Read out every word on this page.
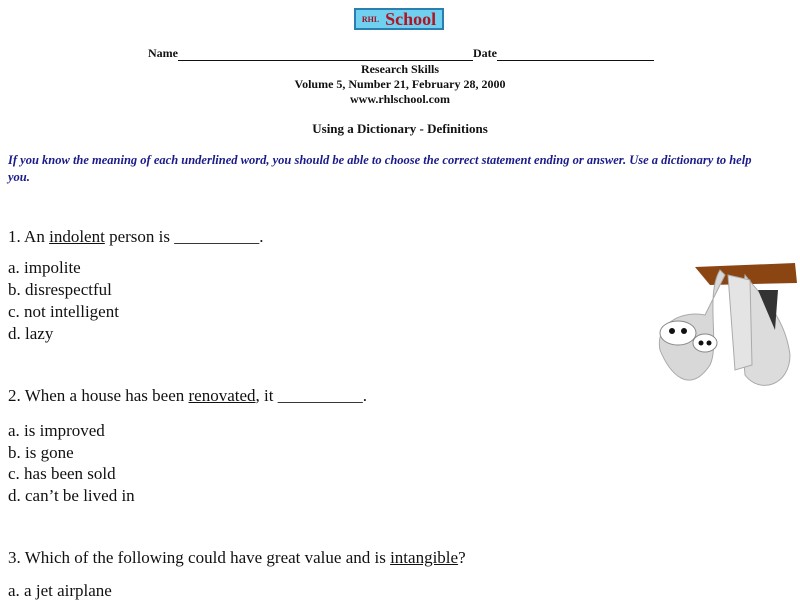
RHL School
Name	Date
Research Skills
Volume 5, Number 21, February 28, 2000
www.rhlschool.com
Using a Dictionary - Definitions
If you know the meaning of each underlined word, you should be able to choose the correct statement ending or answer. Use a dictionary to help you.
1. An indolent person is __________.
a. impolite
b. disrespectful
c. not intelligent
d. lazy
2. When a house has been renovated, it __________.
a. is improved
b. is gone
c. has been sold
d. can’t be lived in
3. Which of the following could have great value and is intangible?
a. a jet airplane
